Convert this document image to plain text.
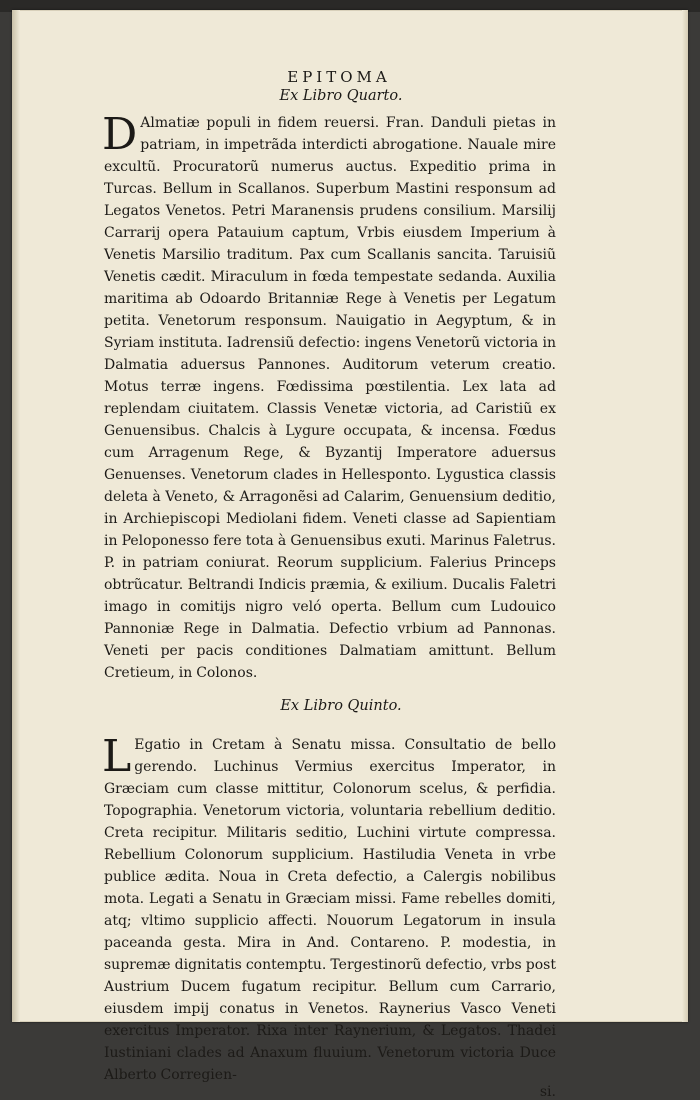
EPITOMA
Ex Libro Quarto.

D Almatiæ populi in fidem reuersi. Fran. Danduli pietas in patriam, in impetrãda interdicti abrogatione. Nauale mire excultũ. Procuratorũ numerus auctus. Expeditio prima in Turcas. Bellum in Scallanos. Superbum Mastini responsum ad Legatos Venetos. Petri Maranensis prudens consilium. Marsilij Carrarij opera Patauium captum, Vrbis eiusdem Imperium à Venetis Marsilio traditum. Pax cum Scallanis sancita. Taruisiũ Venetis cædit. Miraculum in fœda tempestate sedanda. Auxilia maritima ab Odoardo Britanniæ Rege à Venetis per Legatum petita. Venetorum responsum. Nauigatio in Aegyptum, & in Syriam instituta. Iadrensiũ defectio: ingens Venetorũ victoria in Dalmatia aduersus Pannones. Auditorum veterum creatio. Motus terræ ingens. Fœdissima pœstilentia. Lex lata ad replendam ciuitatem. Classis Venetæ victoria, ad Caristiũ ex Genuensibus. Chalcis à Lygure occupata, & incensa. Fœdus cum Arragenum Rege, & Byzantij Imperatore aduersus Genuenses. Venetorum clades in Hellesponto. Lygustica classis deleta à Veneto, & Arragonẽsi ad Calarim, Genuensium deditio, in Archiepiscopi Mediolani fidem. Veneti classe ad Sapientiam in Peloponesso fere tota à Genuensibus exuti. Marinus Faletrus. P. in patriam coniurat. Reorum supplicium. Falerius Princeps obtrũcatur. Beltrandi Indicis præmia, & exilium. Ducalis Faletri imago in comitijs nigro veló operta. Bellum cum Ludouico Pannoniæ Rege in Dalmatia. Defectio vrbium ad Pannonas. Veneti per pacis conditiones Dalmatiam amittunt. Bellum Cretieum, in Colonos.

Ex Libro Quinto.

L Egatio in Cretam à Senatu missa. Consultatio de bello gerendo. Luchinus Vermius exercitus Imperator, in Græciam cum classe mittitur, Colonorum scelus, & perfidia. Topographia. Venetorum victoria, voluntaria rebellium deditio. Creta recipitur. Militaris seditio, Luchini virtute compressa. Rebellium Colonorum supplicium. Hastiludia Veneta in vrbe publice ædita. Noua in Creta defectio, a Calergis nobilibus mota. Legati a Senatu in Græciam missi. Fame rebelles domiti, atq; vltimo supplicio affecti. Nouorum Legatorum in insula paceanda gesta. Mira in And. Contareno. P. modestia, in supremæ dignitatis contemptu. Tergestinorũ defectio, vrbs post Austrium Ducem fugatum recipitur. Bellum cum Carrario, eiusdem impij conatus in Venetos. Raynerius Vasco Veneti exercitus Imperator. Rixa inter Raynerium, & Legatos. Thadei Iustiniani clades ad Anaxum fluuium. Venetorum victoria Duce Alberto Corregien-

si.
